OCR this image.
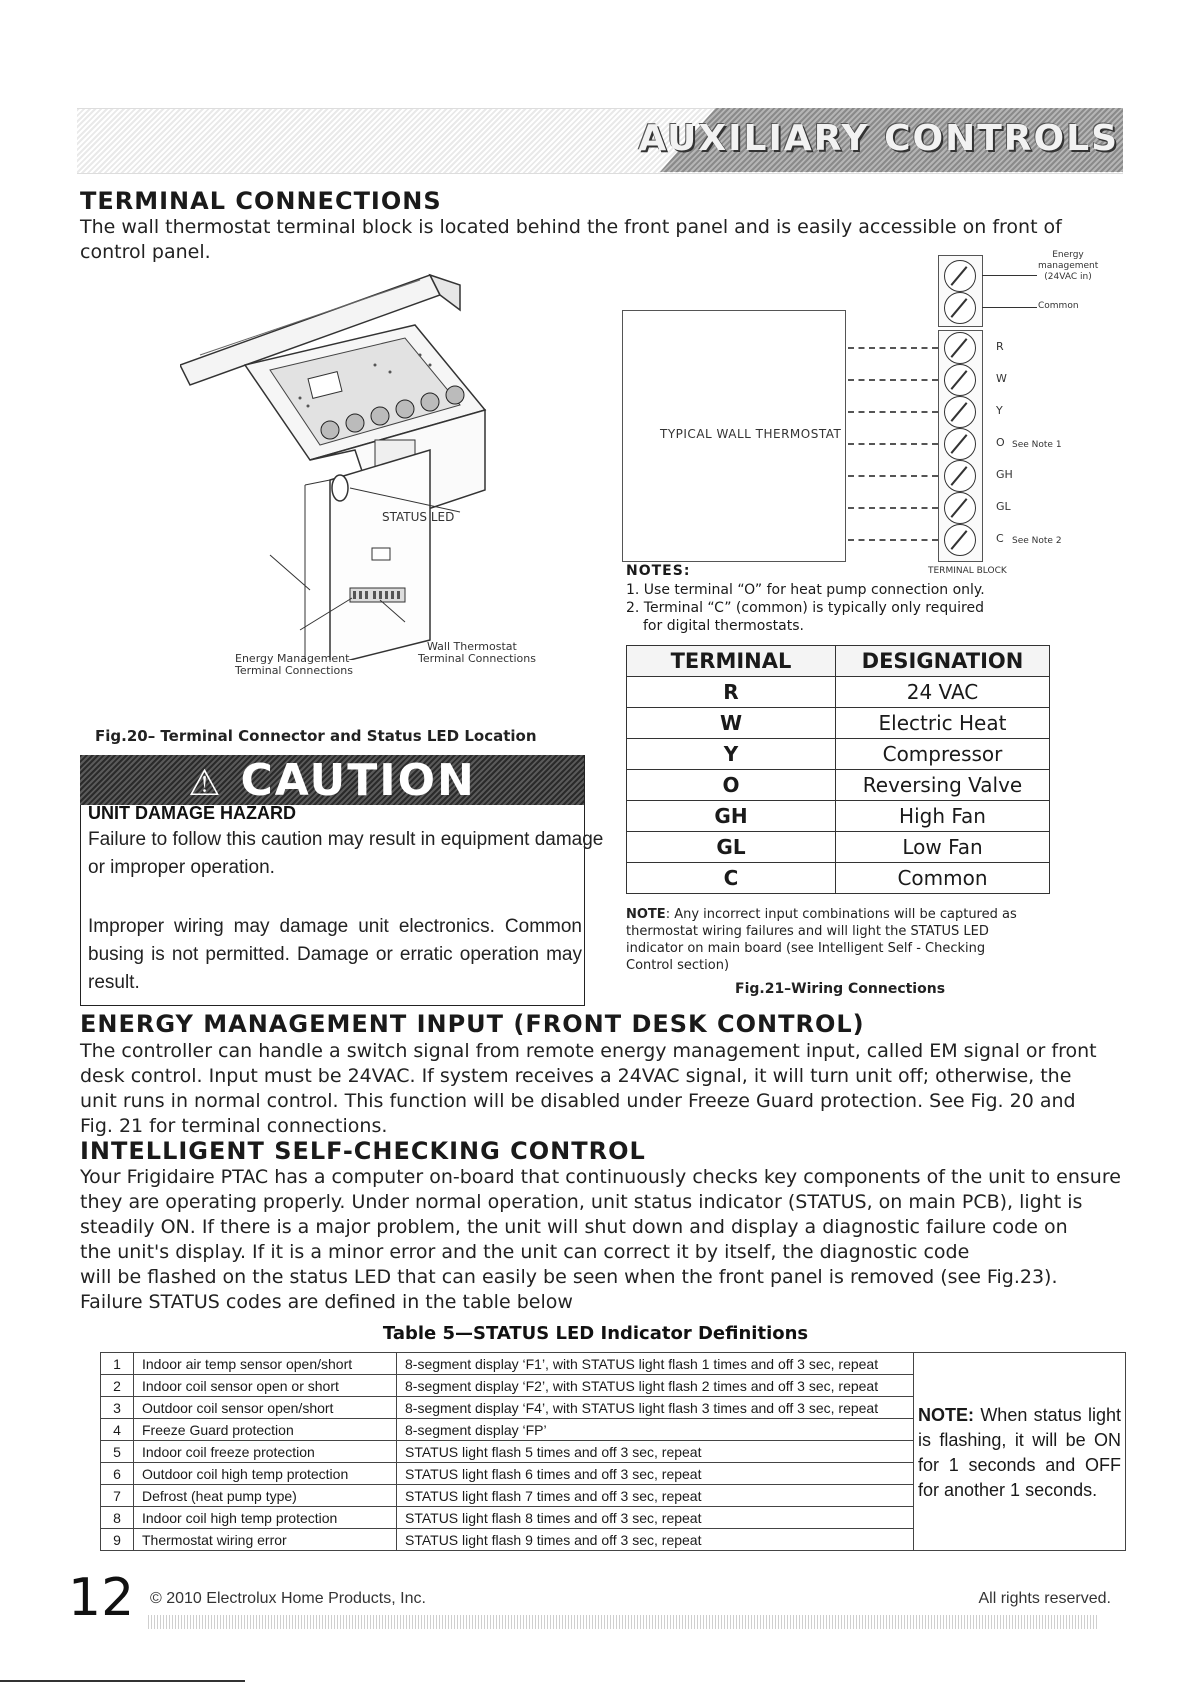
AUXILIARY CONTROLS
TERMINAL CONNECTIONS

The wall thermostat terminal block is located behind the front panel and is easily accessible on front of

control panel.

STATUS LED
Wall Thermostat
Terminal Connections
Energy Management
Terminal Connections
Fig.20– Terminal Connector and Status LED Location
⚠ CAUTION
UNIT DAMAGE HAZARD
Failure to follow this caution may result in equipment damage
or improper operation.
Improper wiring may damage unit electronics. Common
busing is not permitted. Damage or erratic operation may
result.
TYPICAL WALL THERMOSTAT
Energy
management
(24VAC in)
Common
R
W
Y
O See Note 1
GH
GL
C See Note 2
TERMINAL BLOCK
NOTES:
1. Use terminal “O” for heat pump connection only.
2. Terminal “C” (common) is typically only required
for digital thermostats.
TERMINAL	DESIGNATION
R	24 VAC
W	Electric Heat
Y	Compressor
O	Reversing Valve
GH	High Fan
GL	Low Fan
C	Common
NOTE: Any incorrect input combinations will be captured as
thermostat wiring failures and will light the STATUS LED
indicator on main board (see Intelligent Self - Checking
Control section)
Fig.21–Wiring Connections
ENERGY MANAGEMENT INPUT (FRONT DESK CONTROL)

The controller can handle a switch signal from remote energy management input, called EM signal or front

desk control. Input must be 24VAC. If system receives a 24VAC signal, it will turn unit off; otherwise, the

unit runs in normal control. This function will be disabled under Freeze Guard protection. See Fig. 20 and

Fig. 21 for terminal connections.

INTELLIGENT SELF-CHECKING CONTROL

Your Frigidaire PTAC has a computer on-board that continuously checks key components of the unit to ensure

they are operating properly. Under normal operation, unit status indicator (STATUS, on main PCB), light is

steadily ON. If there is a major problem, the unit will shut down and display a diagnostic failure code on

the unit's display. If it is a minor error and the unit can correct it by itself, the diagnostic code

will be flashed on the status LED that can easily be seen when the front panel is removed (see Fig.23).

Failure STATUS codes are defined in the table below

Table 5—STATUS LED Indicator Definitions
1	Indoor air temp sensor open/short	8-segment display ‘F1’, with STATUS light flash 1 times and off 3 sec, repeat	NOTE: When status light is flashing, it will be ON for 1 seconds and OFF for another 1 seconds.
2	Indoor coil sensor open or short	8-segment display ‘F2’, with STATUS light flash 2 times and off 3 sec, repeat	
3	Outdoor coil sensor open/short	8-segment display ‘F4’, with STATUS light flash 3 times and off 3 sec, repeat	
4	Freeze Guard protection	8-segment display ‘FP’	
5	Indoor coil freeze protection	STATUS light flash 5 times and off 3 sec, repeat	
6	Outdoor coil high temp protection	STATUS light flash 6 times and off 3 sec, repeat	
7	Defrost (heat pump type)	STATUS light flash 7 times and off 3 sec, repeat	
8	Indoor coil high temp protection	STATUS light flash 8 times and off 3 sec, repeat	
9	Thermostat wiring error	STATUS light flash 9 times and off 3 sec, repeat	
12 © 2010 Electrolux Home Products, Inc.	All rights reserved.
